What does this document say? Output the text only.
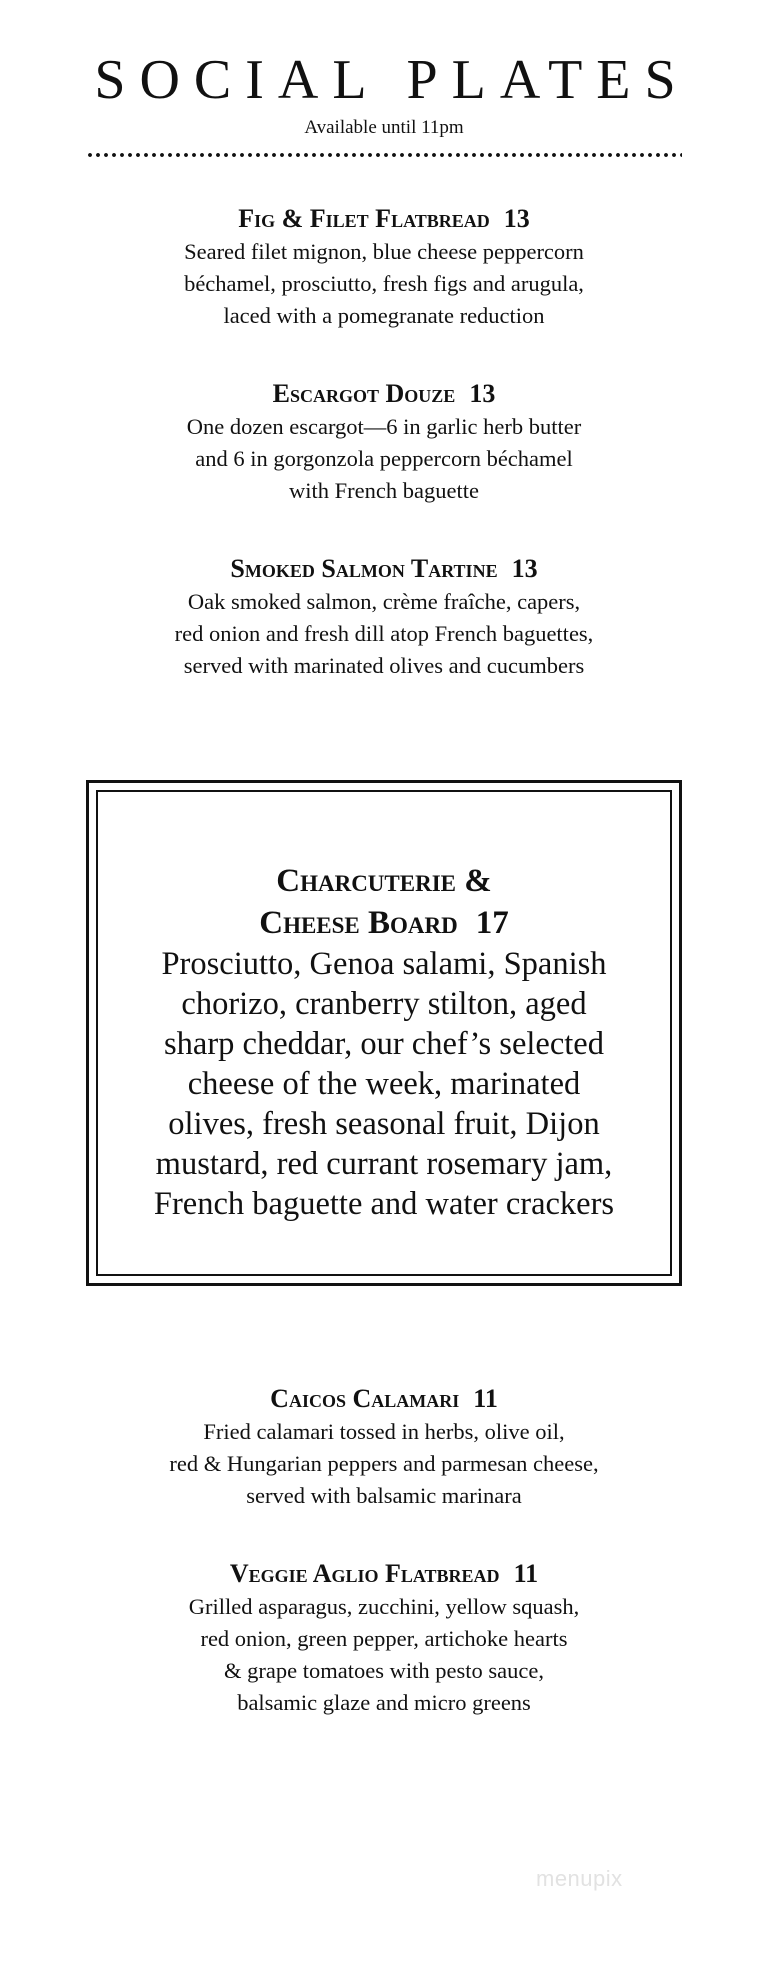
SOCIAL PLATES
Available until 11pm
Fig & Filet Flatbread 13
Seared filet mignon, blue cheese peppercorn
béchamel, prosciutto, fresh figs and arugula,
laced with a pomegranate reduction
Escargot Douze 13
One dozen escargot—6 in garlic herb butter
and 6 in gorgonzola peppercorn béchamel
with French baguette
Smoked Salmon Tartine 13
Oak smoked salmon, crème fraîche, capers,
red onion and fresh dill atop French baguettes,
served with marinated olives and cucumbers
Charcuterie &
Cheese Board 17
Prosciutto, Genoa salami, Spanish
chorizo, cranberry stilton, aged
sharp cheddar, our chef’s selected
cheese of the week, marinated
olives, fresh seasonal fruit, Dijon
mustard, red currant rosemary jam,
French baguette and water crackers
Caicos Calamari 11
Fried calamari tossed in herbs, olive oil,
red & Hungarian peppers and parmesan cheese,
served with balsamic marinara
Veggie Aglio Flatbread 11
Grilled asparagus, zucchini, yellow squash,
red onion, green pepper, artichoke hearts
& grape tomatoes with pesto sauce,
balsamic glaze and micro greens
menupix
